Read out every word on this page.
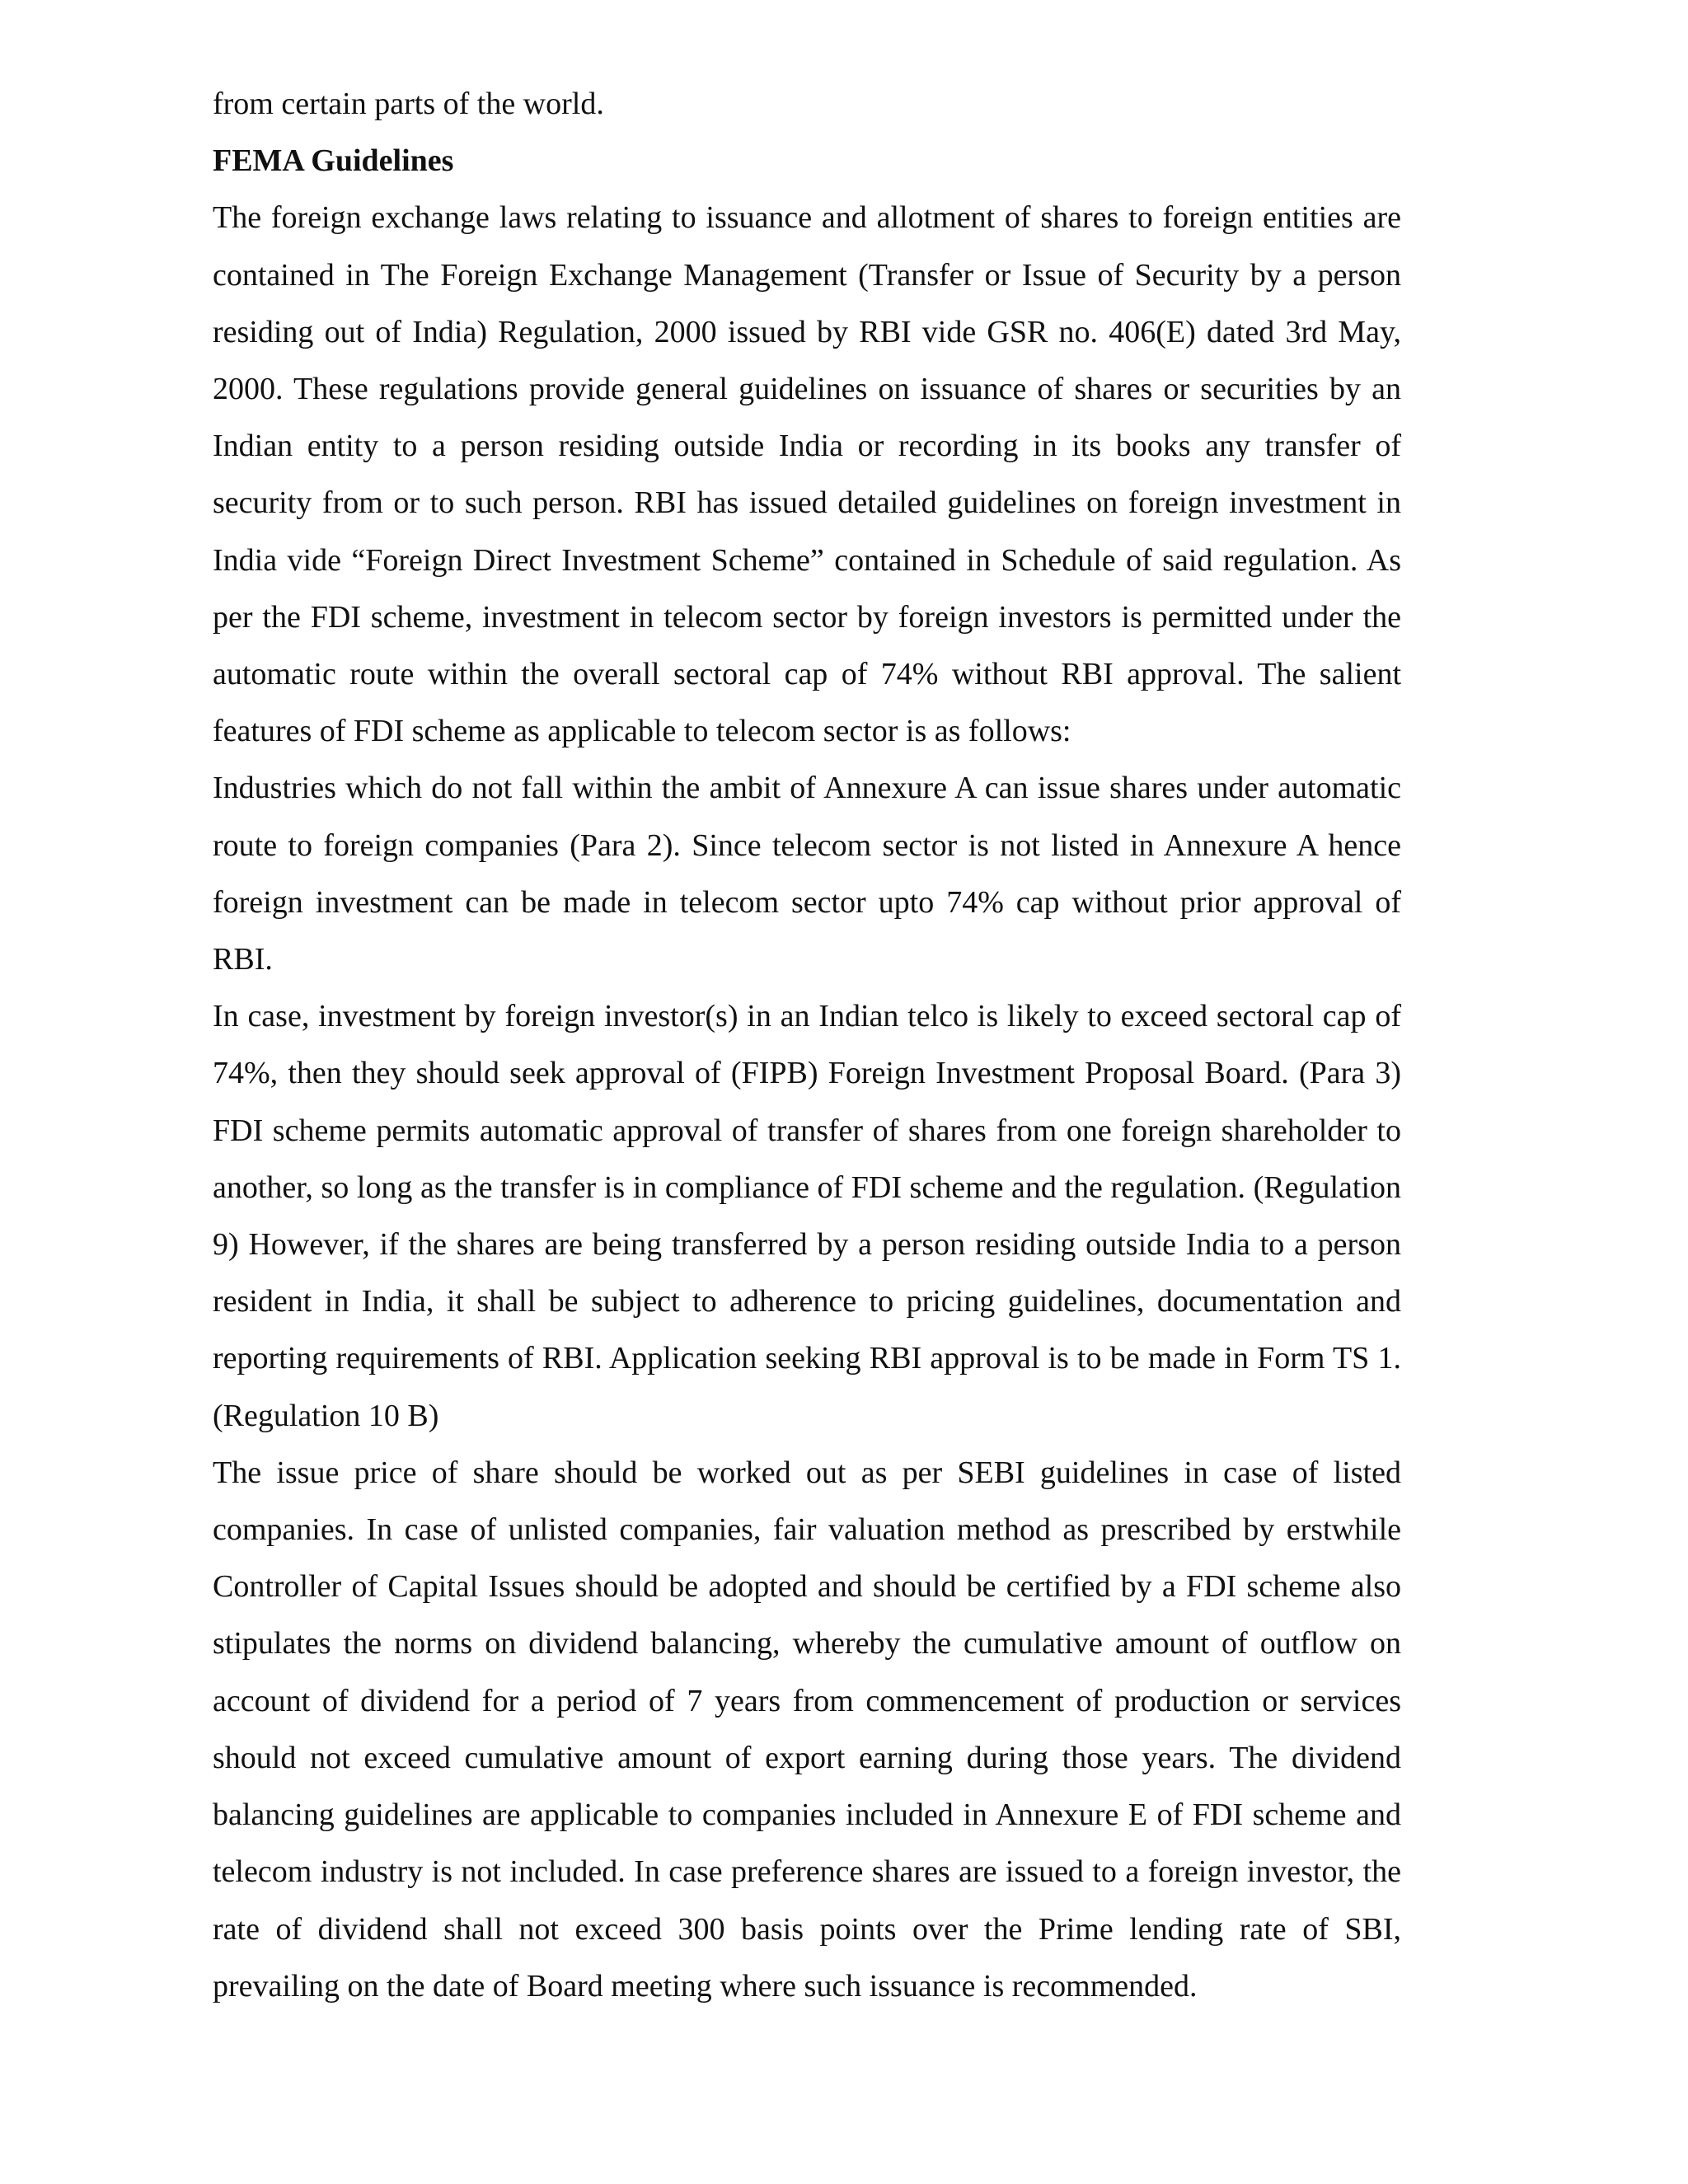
from certain parts of the world.

FEMA Guidelines

The foreign exchange laws relating to issuance and allotment of shares to foreign entities are contained in The Foreign Exchange Management (Transfer or Issue of Security by a person residing out of India) Regulation, 2000 issued by RBI vide GSR no. 406(E) dated 3rd May, 2000. These regulations provide general guidelines on issuance of shares or securities by an Indian entity to a person residing outside India or recording in its books any transfer of security from or to such person. RBI has issued detailed guidelines on foreign investment in India vide “Foreign Direct Investment Scheme” contained in Schedule of said regulation. As per the FDI scheme, investment in telecom sector by foreign investors is permitted under the automatic route within the overall sectoral cap of 74% without RBI approval. The salient features of FDI scheme as applicable to telecom sector is as follows:

Industries which do not fall within the ambit of Annexure A can issue shares under automatic route to foreign companies (Para 2). Since telecom sector is not listed in Annexure A hence foreign investment can be made in telecom sector upto 74% cap without prior approval of RBI.

In case, investment by foreign investor(s) in an Indian telco is likely to exceed sectoral cap of 74%, then they should seek approval of (FIPB) Foreign Investment Proposal Board. (Para 3) FDI scheme permits automatic approval of transfer of shares from one foreign shareholder to another, so long as the transfer is in compliance of FDI scheme and the regulation. (Regulation 9) However, if the shares are being transferred by a person residing outside India to a person resident in India, it shall be subject to adherence to pricing guidelines, documentation and reporting requirements of RBI. Application seeking RBI approval is to be made in Form TS 1. (Regulation 10 B)

The issue price of share should be worked out as per SEBI guidelines in case of listed companies. In case of unlisted companies, fair valuation method as prescribed by erstwhile Controller of Capital Issues should be adopted and should be certified by a FDI scheme also stipulates the norms on dividend balancing, whereby the cumulative amount of outflow on account of dividend for a period of 7 years from commencement of production or services should not exceed cumulative amount of export earning during those years. The dividend balancing guidelines are applicable to companies included in Annexure E of FDI scheme and telecom industry is not included. In case preference shares are issued to a foreign investor, the rate of dividend shall not exceed 300 basis points over the Prime lending rate of SBI, prevailing on the date of Board meeting where such issuance is recommended.
